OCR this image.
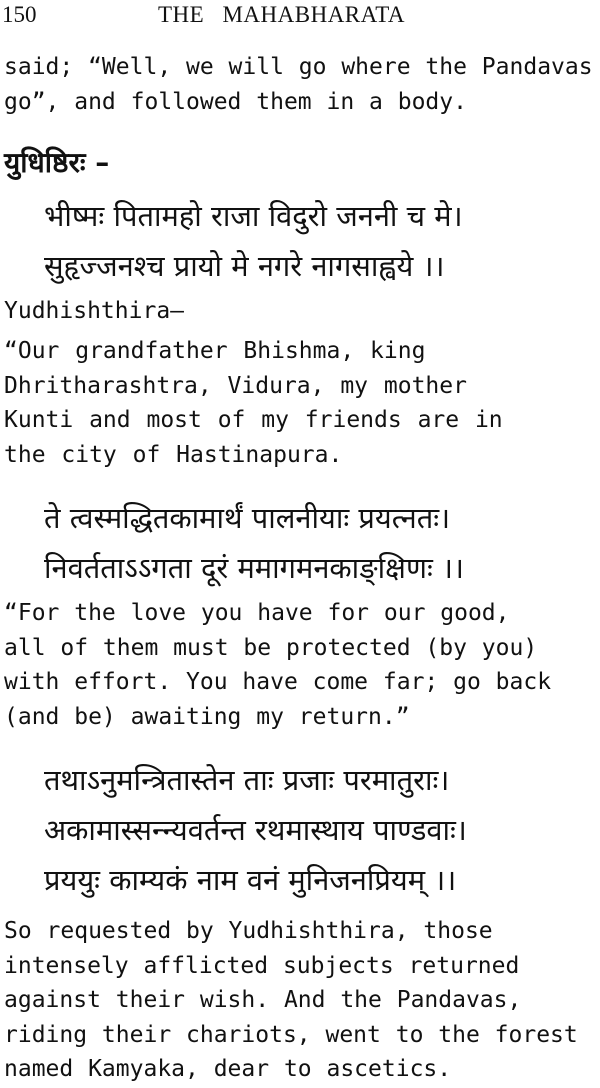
150	THE MAHABHARATA
said; “Well, we will go where the Pandavas
go”, and followed them in a body.
युधिष्ठिरः –
भीष्मः पितामहो राजा विदुरो जननी च मे।
सुहृज्जनश्च प्रायो मे नगरे नागसाह्वये ।।
Yudhishthira—
“Our grandfather Bhishma, king
Dhritharashtra, Vidura, my mother
Kunti and most of my friends are in
the city of Hastinapura.
ते त्वस्मद्धितकामार्थं पालनीयाः प्रयत्नतः।
निवर्तताऽऽगता दूरं ममागमनकाङ्क्षिणः ।।
“For the love you have for our good,
all of them must be protected (by you)
with effort. You have come far; go back
(and be) awaiting my return.”
तथाऽनुमन्त्रितास्तेन ताः प्रजाः परमातुराः।
अकामास्सन्न्यवर्तन्त रथमास्थाय पाण्डवाः।
प्रययुः काम्यकं नाम वनं मुनिजनप्रियम् ।।
So requested by Yudhishthira, those
intensely afflicted subjects returned
against their wish. And the Pandavas,
riding their chariots, went to the forest
named Kamyaka, dear to ascetics.
